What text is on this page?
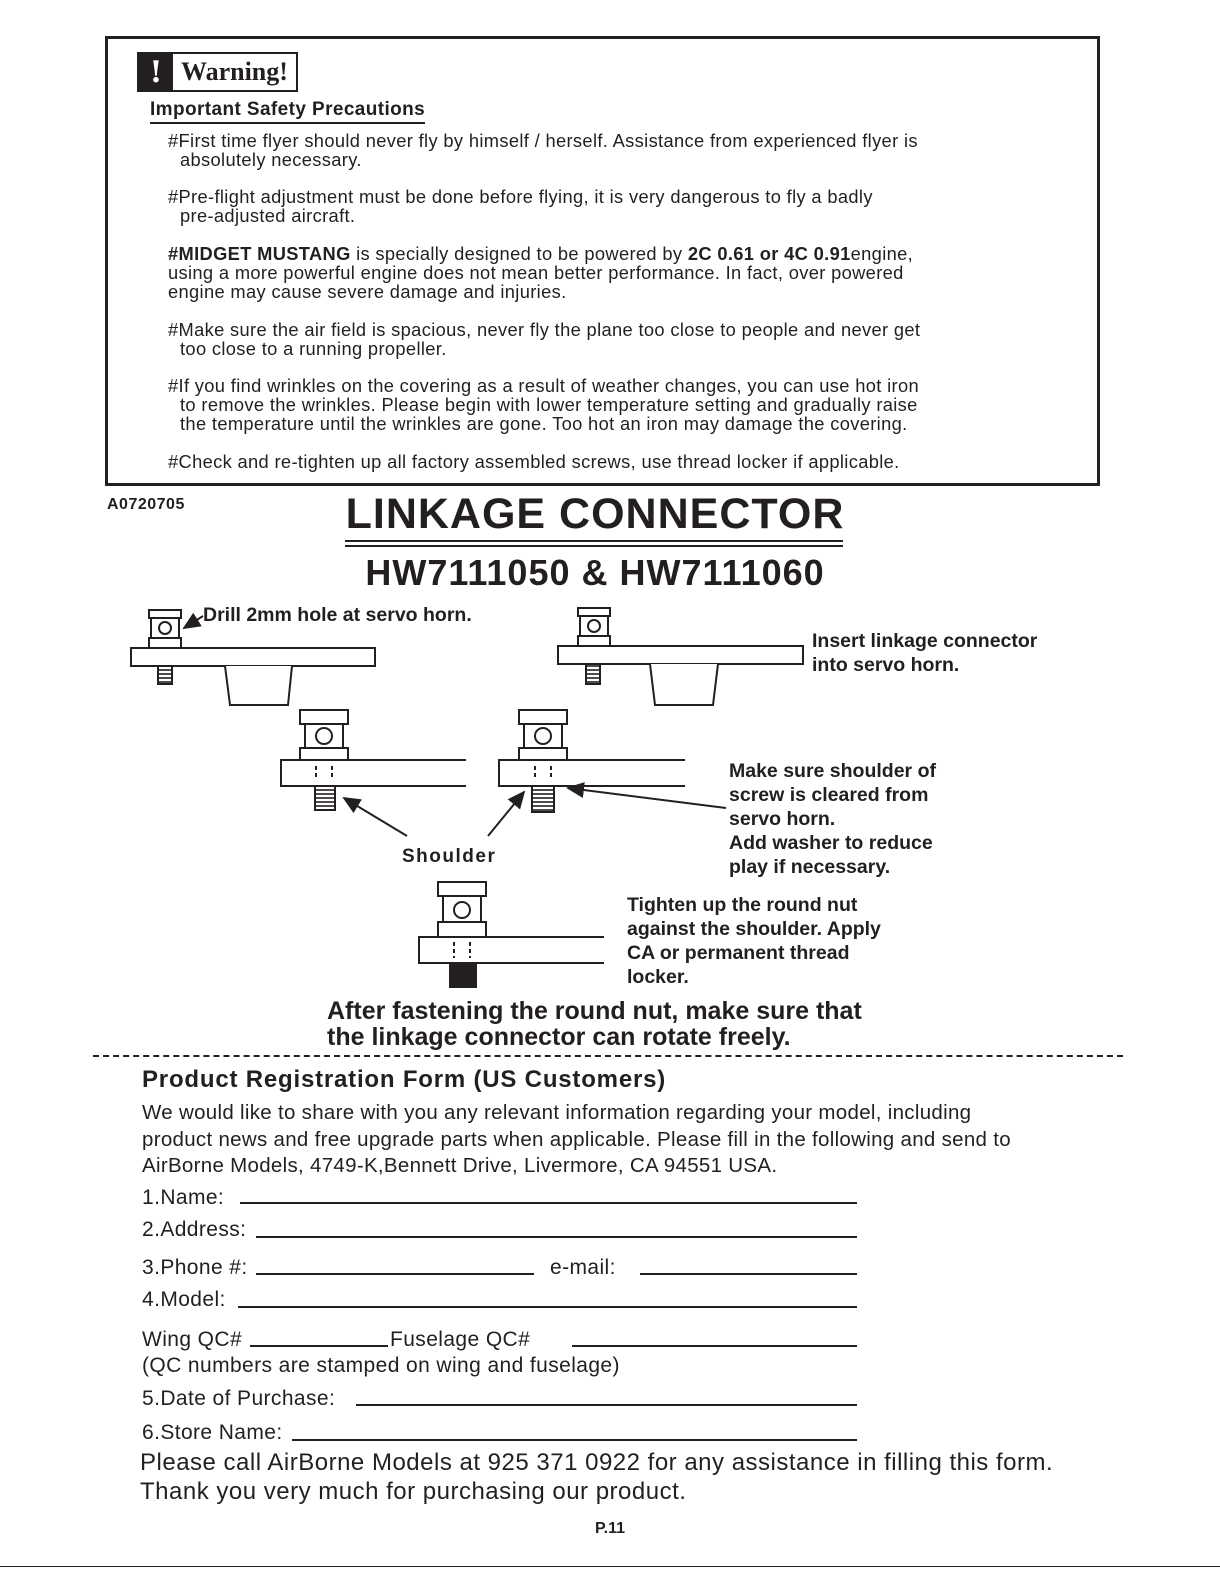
! Warning!
Important Safety Precautions
#First time flyer should never fly by himself / herself. Assistance from experienced flyer is
absolutely necessary.
#Pre-flight adjustment must be done before flying, it is very dangerous to fly a badly
pre-adjusted aircraft.
#MIDGET MUSTANG is specially designed to be powered by 2C 0.61 or 4C 0.91engine,
using a more powerful engine does not mean better performance. In fact, over powered
engine may cause severe damage and injuries.
#Make sure the air field is spacious, never fly the plane too close to people and never get
too close to a running propeller.
#If you find wrinkles on the covering as a result of weather changes, you can use hot iron
to remove the wrinkles. Please begin with lower temperature setting and gradually raise
the temperature until the wrinkles are gone. Too hot an iron may damage the covering.
#Check and re-tighten up all factory assembled screws, use thread locker if applicable.
A0720705	LINKAGE CONNECTOR
HW7111050 & HW7111060
Drill 2mm hole at servo horn.
Insert linkage connector
into servo horn.
Make sure shoulder of
screw is cleared from
servo horn.
Add washer to reduce
play if necessary.
Shoulder
Tighten up the round nut
against the shoulder. Apply
CA or permanent thread
locker.
After fastening the round nut, make sure that
the linkage connector can rotate freely.
Product Registration Form (US Customers)
We would like to share with you any relevant information regarding your model, including
product news and free upgrade parts when applicable. Please fill in the following and send to
AirBorne Models, 4749-K,Bennett Drive, Livermore, CA 94551 USA.
1.Name:
2.Address:
3.Phone #:	e-mail:
4.Model:
Wing QC#	Fuselage QC#
(QC numbers are stamped on wing and fuselage)
5.Date of Purchase:
6.Store Name:
Please call AirBorne Models at 925 371 0922 for any assistance in filling this form.
Thank you very much for purchasing our product.
P.11
